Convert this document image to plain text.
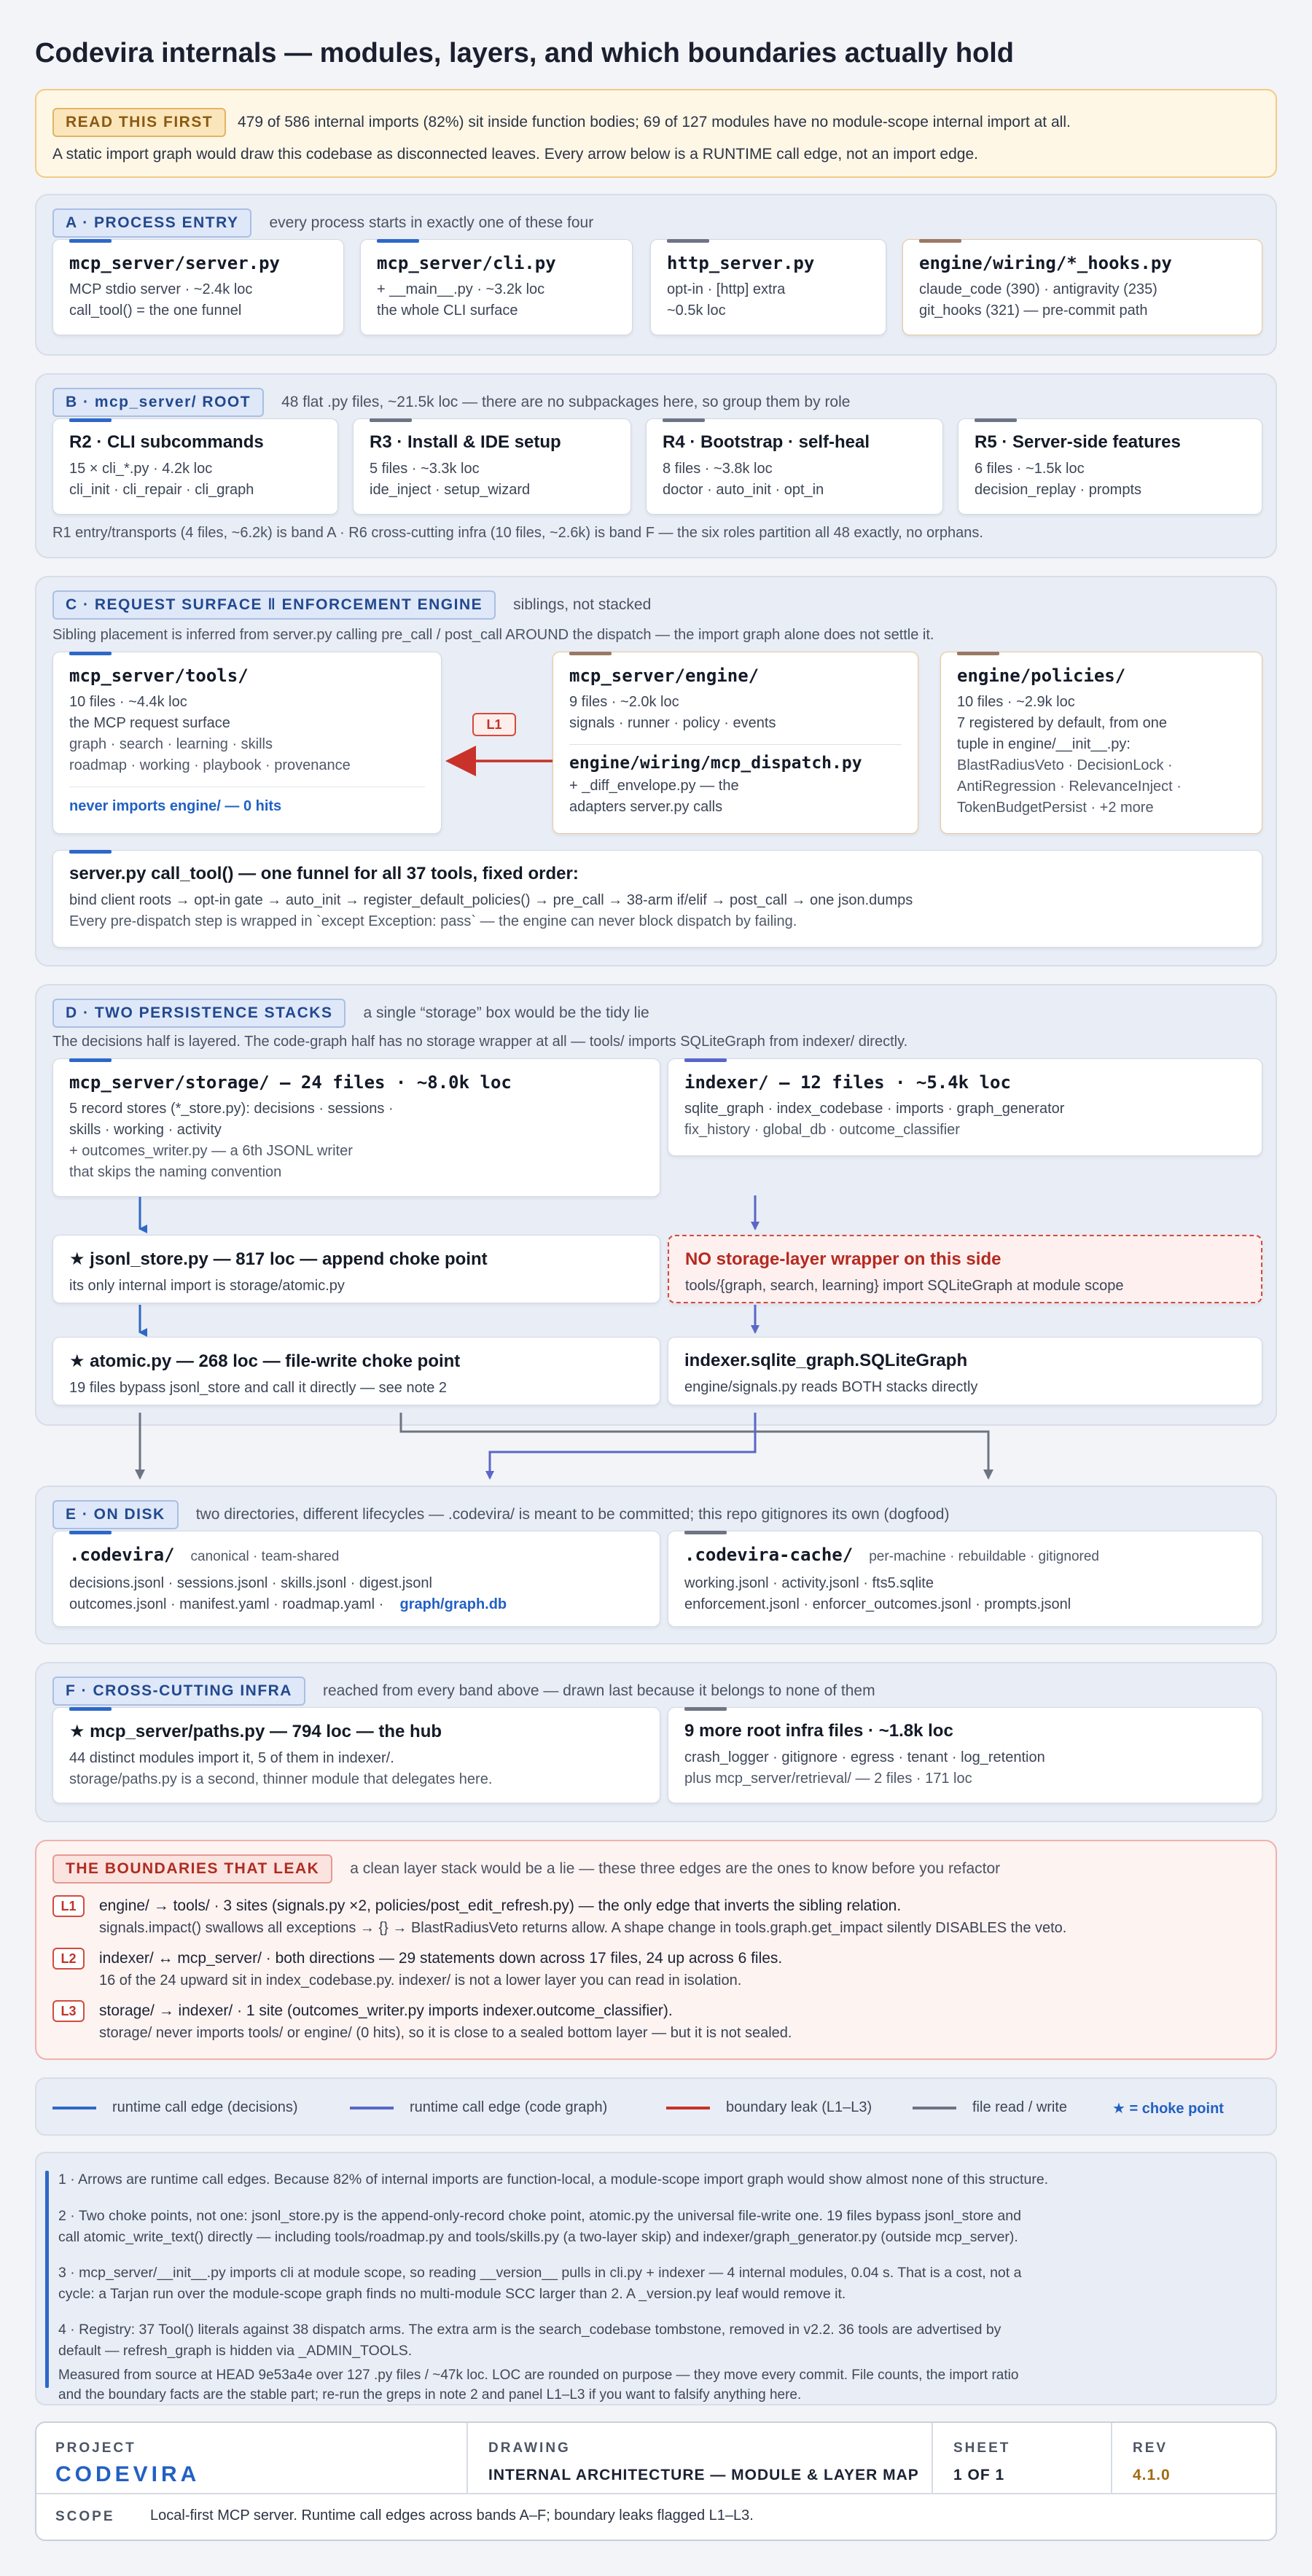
Codevira internals — modules, layers, and which boundaries actually hold
READ THIS FIRST	479 of 586 internal imports (82%) sit inside function bodies; 69 of 127 modules have no module-scope internal import at all.
A static import graph would draw this codebase as disconnected leaves. Every arrow below is a RUNTIME call edge, not an import edge.
A · PROCESS ENTRY	every process starts in exactly one of these four
mcp_server/server.py
MCP stdio server · ~2.4k loc
call_tool() = the one funnel
mcp_server/cli.py
+ __main__.py · ~3.2k loc
the whole CLI surface
http_server.py
opt-in · [http] extra
~0.5k loc
engine/wiring/*_hooks.py
claude_code (390) · antigravity (235)
git_hooks (321) — pre-commit path
B · mcp_server/ ROOT	48 flat .py files, ~21.5k loc — there are no subpackages here, so group them by role
R2 · CLI subcommands
15 × cli_*.py · 4.2k loc
cli_init · cli_repair · cli_graph
R3 · Install & IDE setup
5 files · ~3.3k loc
ide_inject · setup_wizard
R4 · Bootstrap · self-heal
8 files · ~3.8k loc
doctor · auto_init · opt_in
R5 · Server-side features
6 files · ~1.5k loc
decision_replay · prompts
R1 entry/transports (4 files, ~6.2k) is band A · R6 cross-cutting infra (10 files, ~2.6k) is band F — the six roles partition all 48 exactly, no orphans.
C · REQUEST SURFACE ‖ ENFORCEMENT ENGINE	siblings, not stacked
Sibling placement is inferred from server.py calling pre_call / post_call AROUND the dispatch — the import graph alone does not settle it.
mcp_server/tools/
10 files · ~4.4k loc
the MCP request surface
graph · search · learning · skills
roadmap · working · playbook · provenance
never imports engine/ — 0 hits
L1
mcp_server/engine/
9 files · ~2.0k loc
signals · runner · policy · events
engine/wiring/mcp_dispatch.py
+ _diff_envelope.py — the
adapters server.py calls
engine/policies/
10 files · ~2.9k loc
7 registered by default, from one
tuple in engine/__init__.py:
BlastRadiusVeto · DecisionLock ·
AntiRegression · RelevanceInject ·
TokenBudgetPersist · +2 more
server.py call_tool() — one funnel for all 37 tools, fixed order:
bind client roots → opt-in gate → auto_init → register_default_policies() → pre_call → 38-arm if/elif → post_call → one json.dumps
Every pre-dispatch step is wrapped in `except Exception: pass` — the engine can never block dispatch by failing.
D · TWO PERSISTENCE STACKS	a single “storage” box would be the tidy lie
The decisions half is layered. The code-graph half has no storage wrapper at all — tools/ imports SQLiteGraph from indexer/ directly.
mcp_server/storage/ — 24 files · ~8.0k loc
5 record stores (*_store.py): decisions · sessions ·
skills · working · activity
+ outcomes_writer.py — a 6th JSONL writer
that skips the naming convention
indexer/ — 12 files · ~5.4k loc
sqlite_graph · index_codebase · imports · graph_generator
fix_history · global_db · outcome_classifier
★ jsonl_store.py — 817 loc — append choke point
its only internal import is storage/atomic.py
NO storage-layer wrapper on this side
tools/{graph, search, learning} import SQLiteGraph at module scope
★ atomic.py — 268 loc — file-write choke point
19 files bypass jsonl_store and call it directly — see note 2
indexer.sqlite_graph.SQLiteGraph
engine/signals.py reads BOTH stacks directly
E · ON DISK	two directories, different lifecycles — .codevira/ is meant to be committed; this repo gitignores its own (dogfood)
.codevira/ canonical · team-shared
decisions.jsonl · sessions.jsonl · skills.jsonl · digest.jsonl
outcomes.jsonl · manifest.yaml · roadmap.yaml · graph/graph.db
.codevira-cache/ per-machine · rebuildable · gitignored
working.jsonl · activity.jsonl · fts5.sqlite
enforcement.jsonl · enforcer_outcomes.jsonl · prompts.jsonl
F · CROSS-CUTTING INFRA	reached from every band above — drawn last because it belongs to none of them
★ mcp_server/paths.py — 794 loc — the hub
44 distinct modules import it, 5 of them in indexer/.
storage/paths.py is a second, thinner module that delegates here.
9 more root infra files · ~1.8k loc
crash_logger · gitignore · egress · tenant · log_retention
plus mcp_server/retrieval/ — 2 files · 171 loc
THE BOUNDARIES THAT LEAK	a clean layer stack would be a lie — these three edges are the ones to know before you refactor
L1	engine/ → tools/ · 3 sites (signals.py ×2, policies/post_edit_refresh.py) — the only edge that inverts the sibling relation.
signals.impact() swallows all exceptions → {} → BlastRadiusVeto returns allow. A shape change in tools.graph.get_impact silently DISABLES the veto.
L2	indexer/ ↔ mcp_server/ · both directions — 29 statements down across 17 files, 24 up across 6 files.
16 of the 24 upward sit in index_codebase.py. indexer/ is not a lower layer you can read in isolation.
L3	storage/ → indexer/ · 1 site (outcomes_writer.py imports indexer.outcome_classifier).
storage/ never imports tools/ or engine/ (0 hits), so it is close to a sealed bottom layer — but it is not sealed.
runtime call edge (decisions)	runtime call edge (code graph)	boundary leak (L1–L3)	file read / write	★ = choke point
1 · Arrows are runtime call edges. Because 82% of internal imports are function-local, a module-scope import graph would show almost none of this structure.
2 · Two choke points, not one: jsonl_store.py is the append-only-record choke point, atomic.py the universal file-write one. 19 files bypass jsonl_store and
call atomic_write_text() directly — including tools/roadmap.py and tools/skills.py (a two-layer skip) and indexer/graph_generator.py (outside mcp_server).
3 · mcp_server/__init__.py imports cli at module scope, so reading __version__ pulls in cli.py + indexer — 4 internal modules, 0.04 s. That is a cost, not a
cycle: a Tarjan run over the module-scope graph finds no multi-module SCC larger than 2. A _version.py leaf would remove it.
4 · Registry: 37 Tool() literals against 38 dispatch arms. The extra arm is the search_codebase tombstone, removed in v2.2. 36 tools are advertised by
default — refresh_graph is hidden via _ADMIN_TOOLS.
Measured from source at HEAD 9e53a4e over 127 .py files / ~47k loc. LOC are rounded on purpose — they move every commit. File counts, the import ratio
and the boundary facts are the stable part; re-run the greps in note 2 and panel L1–L3 if you want to falsify anything here.
PROJECT
CODEVIRA
DRAWING
INTERNAL ARCHITECTURE — MODULE & LAYER MAP
SHEET
1 OF 1
REV
4.1.0
SCOPE Local-first MCP server. Runtime call edges across bands A–F; boundary leaks flagged L1–L3.
